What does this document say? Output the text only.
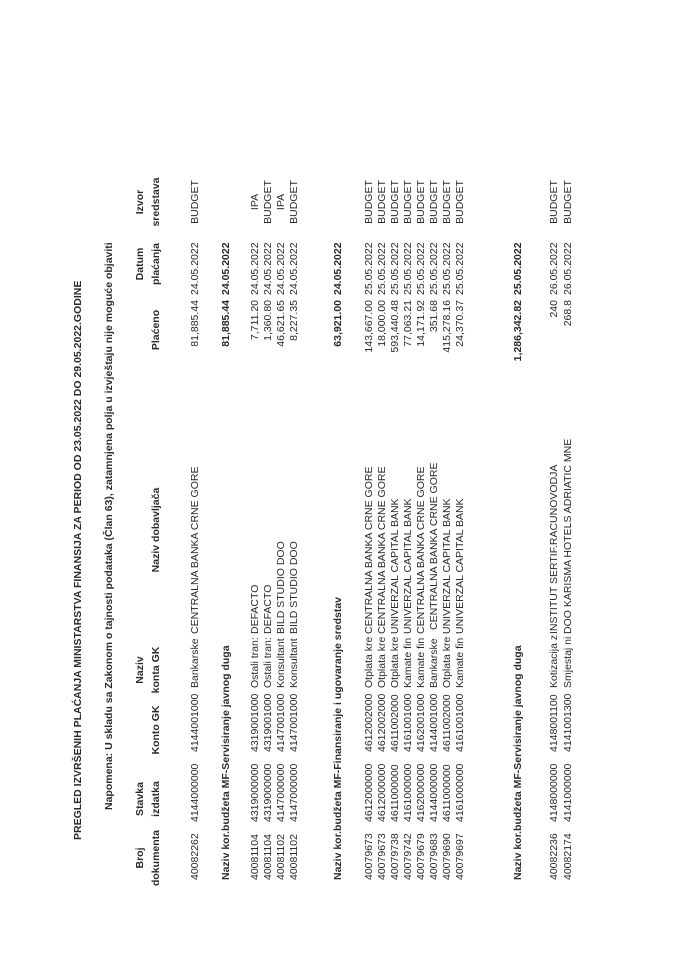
PREGLED IZVRŠENIH PLAĆANJA MINISTARSTVA FINANSIJA ZA PERIOD OD 23.05.2022 DO 29.05.2022.GODINE Napomena: U skladu sa Zakonom o tajnosti podataka (Član 63), zatamnjena polja u izvještaju nije moguće objaviti
Broj dokumenta
Stavka izdatka
Konto GK
Naziv konta GK
Naziv dobavljača
Plaćeno
Datum plaćanja
Izvor sredstava
40082262
4144000000
4144001000
Bankarske
CENTRALNA BANKA CRNE GORE
81,885.44
24.05.2022
BUDGET
Naziv kor.budžeta MF-Servisiranje javnog duga
81,885.44
24.05.2022
40081104
4319000000
4319001000
Ostali tran:
DEFACTO
7,711.20
24.05.2022
IPA
40081104
4319000000
4319001000
Ostali tran:
DEFACTO
1,360.80
24.05.2022
BUDGET
40081102
4147000000
4147001000
Konsultant
BILD STUDIO DOO
46,621.65
24.05.2022
IPA
40081102
4147000000
4147001000
Konsultant
BILD STUDIO DOO
8,227.35
24.05.2022
BUDGET
Naziv kor.budžeta MF-Finansiranje i ugovaranje sredstav
63,921.00
24.05.2022
40079673
4612000000
4612002000
Otplata kre
CENTRALNA BANKA CRNE GORE
143,667.00
25.05.2022
BUDGET
40079673
4612000000
4612002000
Otplata kre
CENTRALNA BANKA CRNE GORE
18,000.00
25.05.2022
BUDGET
40079738
4611000000
4611002000
Otplata kre
UNIVERZAL CAPITAL BANK
593,440.48
25.05.2022
BUDGET
40079742
4161000000
4161001000
Kamate fin
UNIVERZAL CAPITAL BANK
77,063.21
25.05.2022
BUDGET
40079679
4162000000
4162001000
Kamate fin
CENTRALNA BANKA CRNE GORE
14,171.92
25.05.2022
BUDGET
40079683
4144000000
4144001000
Bankarske
CENTRALNA BANKA CRNE GORE
351.68
25.05.2022
BUDGET
40079690
4611000000
4611002000
Otplata kre
UNIVERZAL CAPITAL BANK
415,278.16
25.05.2022
BUDGET
40079697
4161000000
4161001000
Kamate fin
UNIVERZAL CAPITAL BANK
24,370.37
25.05.2022
BUDGET
Naziv kor.budžeta MF-Servisiranje javnog duga
1,286,342.82
25.05.2022
40082236
4148000000
4148001100
Kotizacija z
INSTITUT SERTIF.RACUNOVODJA
240
26.05.2022
BUDGET
40082174
4141000000
4141001300
Smjestaj ni
DOO KARISMA HOTELS ADRIATIC MNE
268.8
26.05.2022
BUDGET
